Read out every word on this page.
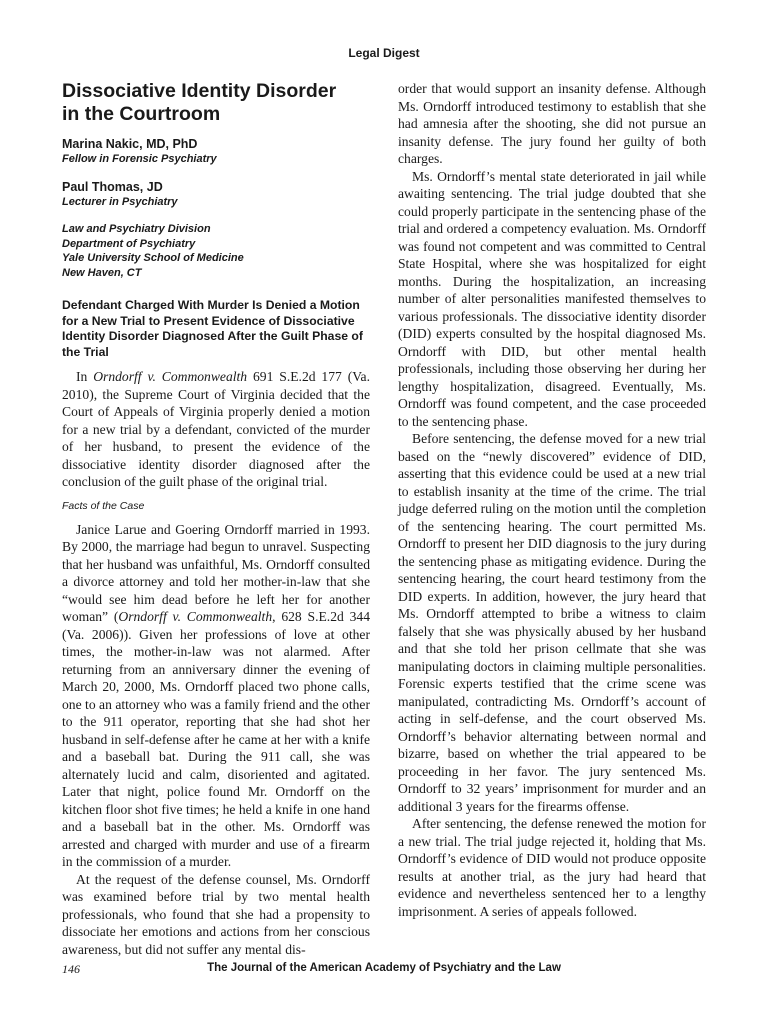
Legal Digest
Dissociative Identity Disorder
in the Courtroom

Marina Nakic, MD, PhD

Fellow in Forensic Psychiatry

Paul Thomas, JD

Lecturer in Psychiatry

Law and Psychiatry Division

Department of Psychiatry

Yale University School of Medicine

New Haven, CT

Defendant Charged With Murder Is Denied a Motion for a New Trial to Present Evidence of Dissociative Identity Disorder Diagnosed After the Guilt Phase of the Trial

In Orndorff v. Commonwealth 691 S.E.2d 177 (Va. 2010), the Supreme Court of Virginia decided that the Court of Appeals of Virginia properly denied a motion for a new trial by a defendant, convicted of the murder of her husband, to present the evidence of the dissociative identity disorder diagnosed after the conclusion of the guilt phase of the original trial.

Facts of the Case

Janice Larue and Goering Orndorff married in 1993. By 2000, the marriage had begun to unravel. Suspecting that her husband was unfaithful, Ms. Orndorff consulted a divorce attorney and told her mother-in-law that she “would see him dead before he left her for another woman” (Orndorff v. Commonwealth, 628 S.E.2d 344 (Va. 2006)). Given her professions of love at other times, the mother-in-law was not alarmed. After returning from an anniversary dinner the evening of March 20, 2000, Ms. Orndorff placed two phone calls, one to an attorney who was a family friend and the other to the 911 operator, reporting that she had shot her husband in self-defense after he came at her with a knife and a baseball bat. During the 911 call, she was alternately lucid and calm, disoriented and agitated. Later that night, police found Mr. Orndorff on the kitchen floor shot five times; he held a knife in one hand and a baseball bat in the other. Ms. Orndorff was arrested and charged with murder and use of a firearm in the commission of a murder.

At the request of the defense counsel, Ms. Orndorff was examined before trial by two mental health professionals, who found that she had a propensity to dissociate her emotions and actions from her conscious awareness, but did not suffer any mental dis-

order that would support an insanity defense. Although Ms. Orndorff introduced testimony to establish that she had amnesia after the shooting, she did not pursue an insanity defense. The jury found her guilty of both charges.

Ms. Orndorff’s mental state deteriorated in jail while awaiting sentencing. The trial judge doubted that she could properly participate in the sentencing phase of the trial and ordered a competency evaluation. Ms. Orndorff was found not competent and was committed to Central State Hospital, where she was hospitalized for eight months. During the hospitalization, an increasing number of alter personalities manifested themselves to various professionals. The dissociative identity disorder (DID) experts consulted by the hospital diagnosed Ms. Orndorff with DID, but other mental health professionals, including those observing her during her lengthy hospitalization, disagreed. Eventually, Ms. Orndorff was found competent, and the case proceeded to the sentencing phase.

Before sentencing, the defense moved for a new trial based on the “newly discovered” evidence of DID, asserting that this evidence could be used at a new trial to establish insanity at the time of the crime. The trial judge deferred ruling on the motion until the completion of the sentencing hearing. The court permitted Ms. Orndorff to present her DID diagnosis to the jury during the sentencing phase as mitigating evidence. During the sentencing hearing, the court heard testimony from the DID experts. In addition, however, the jury heard that Ms. Orndorff attempted to bribe a witness to claim falsely that she was physically abused by her husband and that she told her prison cellmate that she was manipulating doctors in claiming multiple personalities. Forensic experts testified that the crime scene was manipulated, contradicting Ms. Orndorff’s account of acting in self-defense, and the court observed Ms. Orndorff’s behavior alternating between normal and bizarre, based on whether the trial appeared to be proceeding in her favor. The jury sentenced Ms. Orndorff to 32 years’ imprisonment for murder and an additional 3 years for the firearms offense.

After sentencing, the defense renewed the motion for a new trial. The trial judge rejected it, holding that Ms. Orndorff’s evidence of DID would not produce opposite results at another trial, as the jury had heard that evidence and nevertheless sentenced her to a lengthy imprisonment. A series of appeals followed.

146	The Journal of the American Academy of Psychiatry and the Law
